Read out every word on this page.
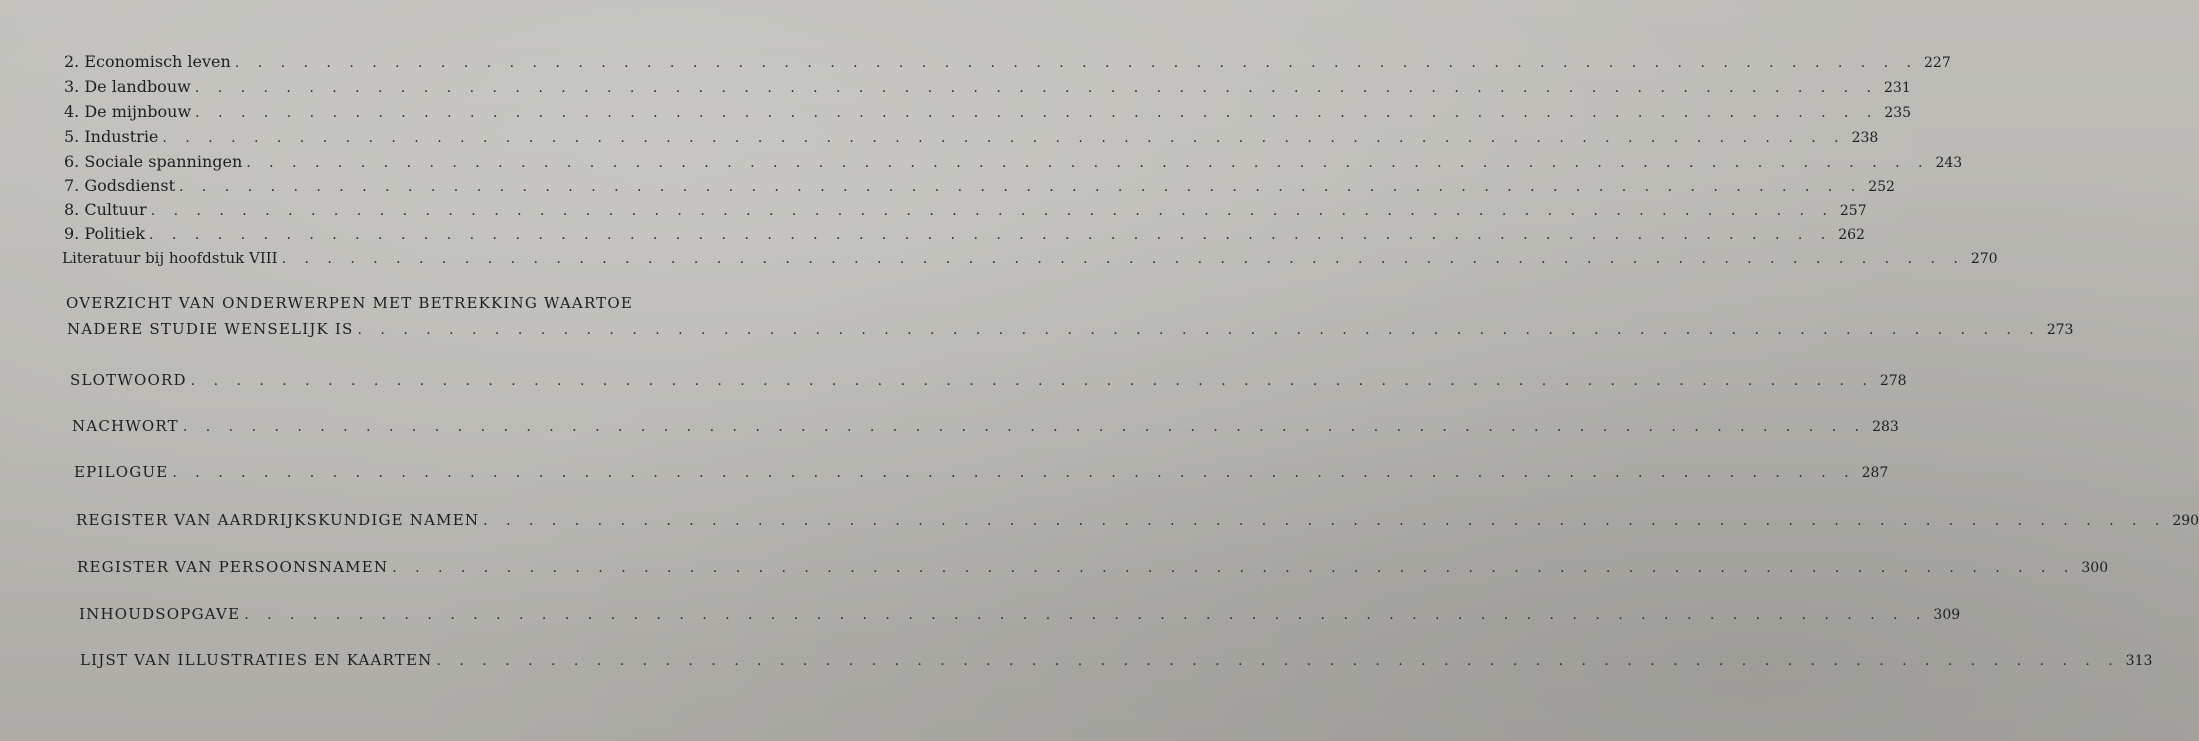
2. Economisch leven . . . . . . . . . . . . . . . . . . . . . . . . . . . . . . . . . . . . . . . . . . . . . . . . . . . . . . . . . . . . . . . . . . . . . . . . . . 227
3. De landbouw . . . . . . . . . . . . . . . . . . . . . . . . . . . . . . . . . . . . . . . . . . . . . . . . . . . . . . . . . . . . . . . . . . . . . . . . . . 231
4. De mijnbouw . . . . . . . . . . . . . . . . . . . . . . . . . . . . . . . . . . . . . . . . . . . . . . . . . . . . . . . . . . . . . . . . . . . . . . . . . . 235
5. Industrie . . . . . . . . . . . . . . . . . . . . . . . . . . . . . . . . . . . . . . . . . . . . . . . . . . . . . . . . . . . . . . . . . . . . . . . . . . 238
6. Sociale spanningen . . . . . . . . . . . . . . . . . . . . . . . . . . . . . . . . . . . . . . . . . . . . . . . . . . . . . . . . . . . . . . . . . . . . . . . . . . 243
7. Godsdienst . . . . . . . . . . . . . . . . . . . . . . . . . . . . . . . . . . . . . . . . . . . . . . . . . . . . . . . . . . . . . . . . . . . . . . . . . . 252
8. Cultuur . . . . . . . . . . . . . . . . . . . . . . . . . . . . . . . . . . . . . . . . . . . . . . . . . . . . . . . . . . . . . . . . . . . . . . . . . . 257
9. Politiek . . . . . . . . . . . . . . . . . . . . . . . . . . . . . . . . . . . . . . . . . . . . . . . . . . . . . . . . . . . . . . . . . . . . . . . . . . 262
Literatuur bij hoofdstuk VIII . . . . . . . . . . . . . . . . . . . . . . . . . . . . . . . . . . . . . . . . . . . . . . . . . . . . . . . . . . . . . . . . . . . . . . . . . . 270
OVERZICHT VAN ONDERWERPEN MET BETREKKING WAARTOE
NADERE STUDIE WENSELIJK IS . . . . . . . . . . . . . . . . . . . . . . . . . . . . . . . . . . . . . . . . . . . . . . . . . . . . . . . . . . . . . . . . . . . . . . . . . . 273
SLOTWOORD . . . . . . . . . . . . . . . . . . . . . . . . . . . . . . . . . . . . . . . . . . . . . . . . . . . . . . . . . . . . . . . . . . . . . . . . . . 278
NACHWORT . . . . . . . . . . . . . . . . . . . . . . . . . . . . . . . . . . . . . . . . . . . . . . . . . . . . . . . . . . . . . . . . . . . . . . . . . . 283
EPILOGUE . . . . . . . . . . . . . . . . . . . . . . . . . . . . . . . . . . . . . . . . . . . . . . . . . . . . . . . . . . . . . . . . . . . . . . . . . . 287
REGISTER VAN AARDRIJKSKUNDIGE NAMEN . . . . . . . . . . . . . . . . . . . . . . . . . . . . . . . . . . . . . . . . . . . . . . . . . . . . . . . . . . . . . . . . . . . . . . . . . . 290
REGISTER VAN PERSOONSNAMEN . . . . . . . . . . . . . . . . . . . . . . . . . . . . . . . . . . . . . . . . . . . . . . . . . . . . . . . . . . . . . . . . . . . . . . . . . . 300
INHOUDSOPGAVE . . . . . . . . . . . . . . . . . . . . . . . . . . . . . . . . . . . . . . . . . . . . . . . . . . . . . . . . . . . . . . . . . . . . . . . . . . 309
LIJST VAN ILLUSTRATIES EN KAARTEN . . . . . . . . . . . . . . . . . . . . . . . . . . . . . . . . . . . . . . . . . . . . . . . . . . . . . . . . . . . . . . . . . . . . . . . . . . 313
